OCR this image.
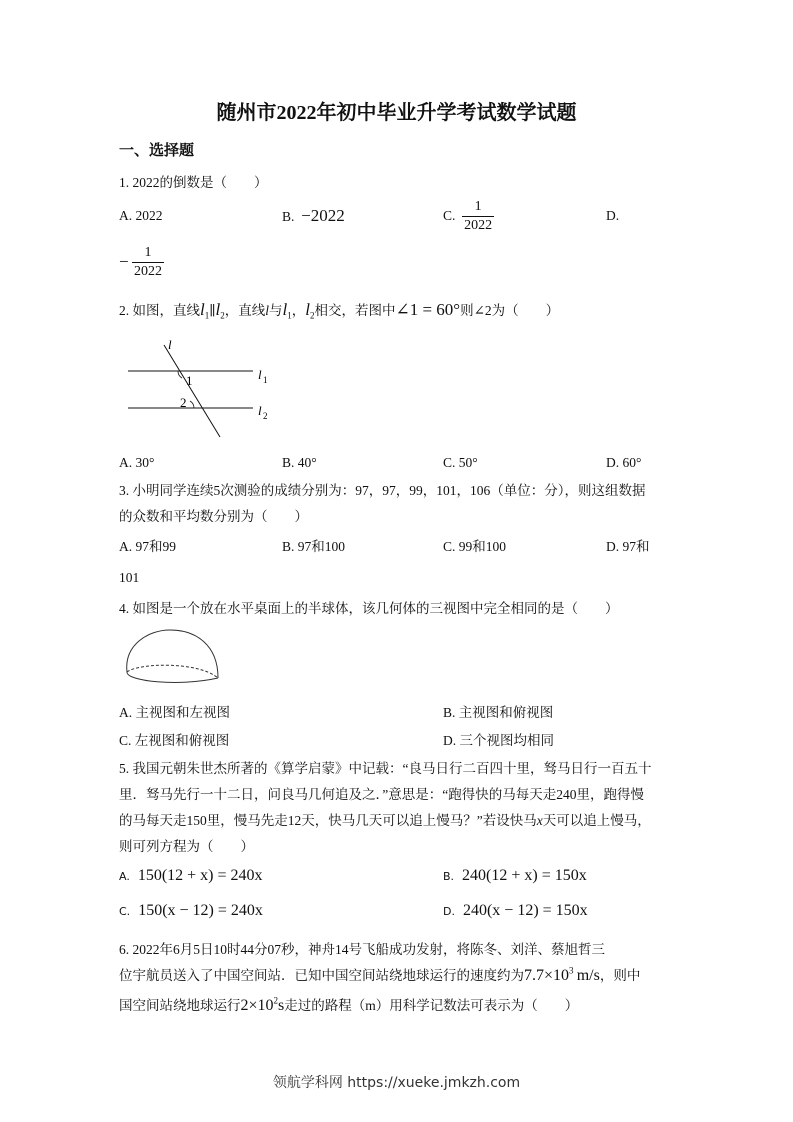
随州市2022年初中毕业升学考试数学试题
一、选择题
1. 2022的倒数是（　　）
A. 2022	B. −2022	C. $\frac{1}{2022}$	D.
− $\frac{1}{2022}$
2. 如图，直线$l_1\parallel l_2$，直线l与$l_1$，$l_2$相交，若图中∠1 = 60°则∠2为（　　）
l
l 1
l 2
1
2
A. 30°	B. 40°	C. 50°	D. 60°
3. 小明同学连续5次测验的成绩分别为：97，97，99，101，106（单位：分），则这组数据
的众数和平均数分别为（　　）
A. 97和99	B. 97和100	C. 99和100	D. 97和
101
4. 如图是一个放在水平桌面上的半球体，该几何体的三视图中完全相同的是（　　）
A. 主视图和左视图	B. 主视图和俯视图
C. 左视图和俯视图	D. 三个视图均相同
5. 我国元朝朱世杰所著的《算学启蒙》中记载：“良马日行二百四十里，驽马日行一百五十
里．驽马先行一十二日，问良马几何追及之．”意思是：“跑得快的马每天走240里，跑得慢
的马每天走150里，慢马先走12天，快马几天可以追上慢马？”若设快马x天可以追上慢马，
则可列方程为（　　）
A. 150(12 + x) = 240x	B. 240(12 + x) = 150x
C. 150(x − 12) = 240x	D. 240(x − 12) = 150x
6. 2022年6月5日10时44分07秒，神舟14号飞船成功发射，将陈冬、刘洋、蔡旭哲三
位宇航员送入了中国空间站．已知中国空间站绕地球运行的速度约为$7.7\times 10^3$  m/s，则中
国空间站绕地球运行$2\times 10^2s$走过的路程（m）用科学记数法可表示为（　　）
领航学科网 https://xueke.jmkzh.com
